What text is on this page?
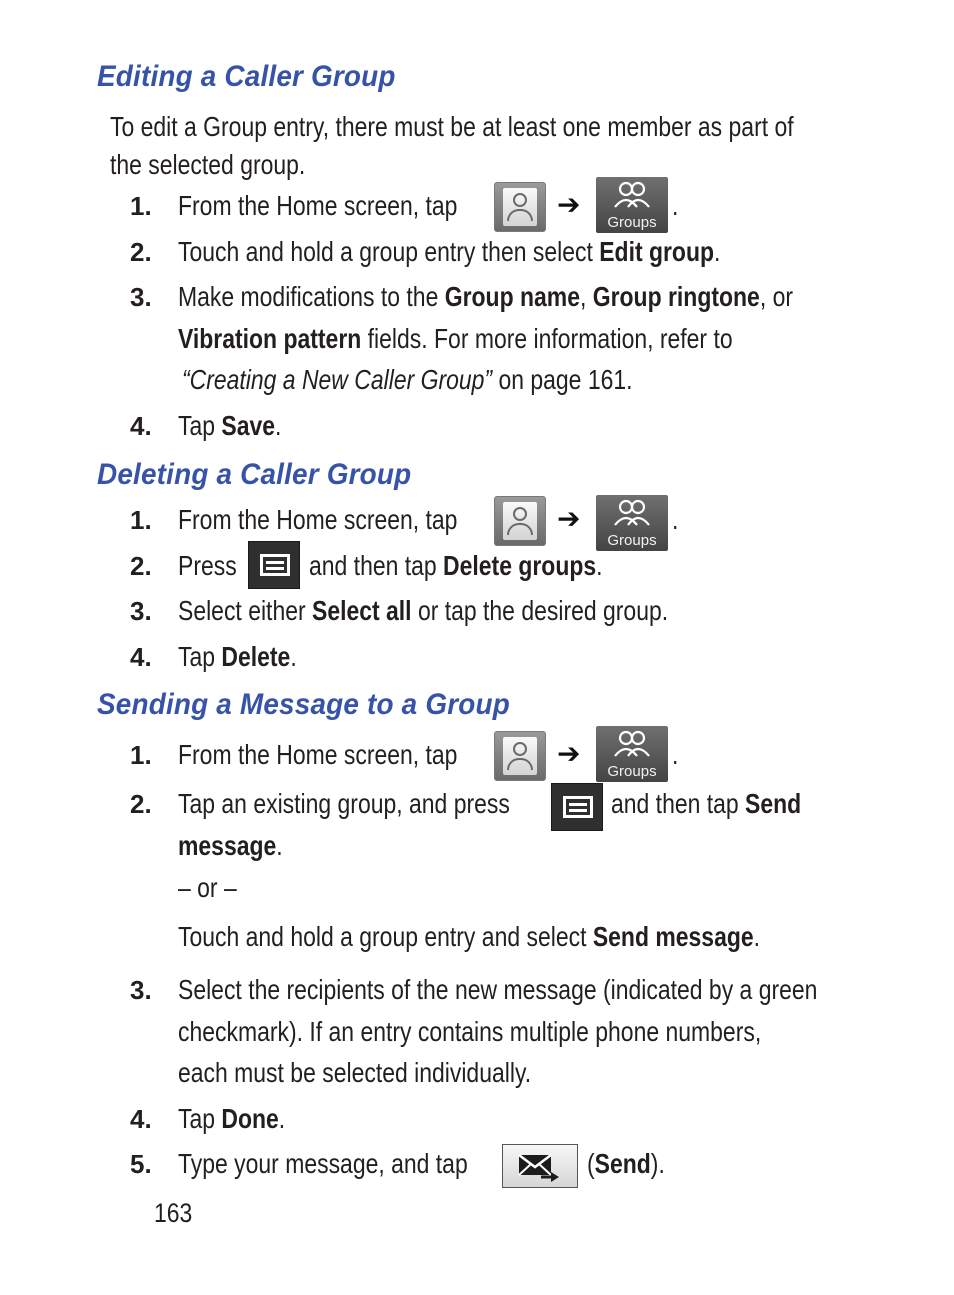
Editing a Caller Group
To edit a Group entry, there must be at least one member as part of
the selected group.
1. From the Home screen, tap	➔
Groups
.
2. Touch and hold a group entry then select Edit group.
3. Make modifications to the Group name, Group ringtone, or
Vibration pattern fields. For more information, refer to
“Creating a New Caller Group” on page 161.
4. Tap Save.
Deleting a Caller Group
1. From the Home screen, tap	➔
Groups
.
2. Press	and then tap Delete groups.
3. Select either Select all or tap the desired group.
4. Tap Delete.
Sending a Message to a Group
1. From the Home screen, tap	➔
Groups
.
2. Tap an existing group, and press	and then tap Send
message.
– or –
Touch and hold a group entry and select Send message.
3. Select the recipients of the new message (indicated by a green
checkmark). If an entry contains multiple phone numbers,
each must be selected individually.
4. Tap Done.
5. Type your message, and tap	(Send).
163
